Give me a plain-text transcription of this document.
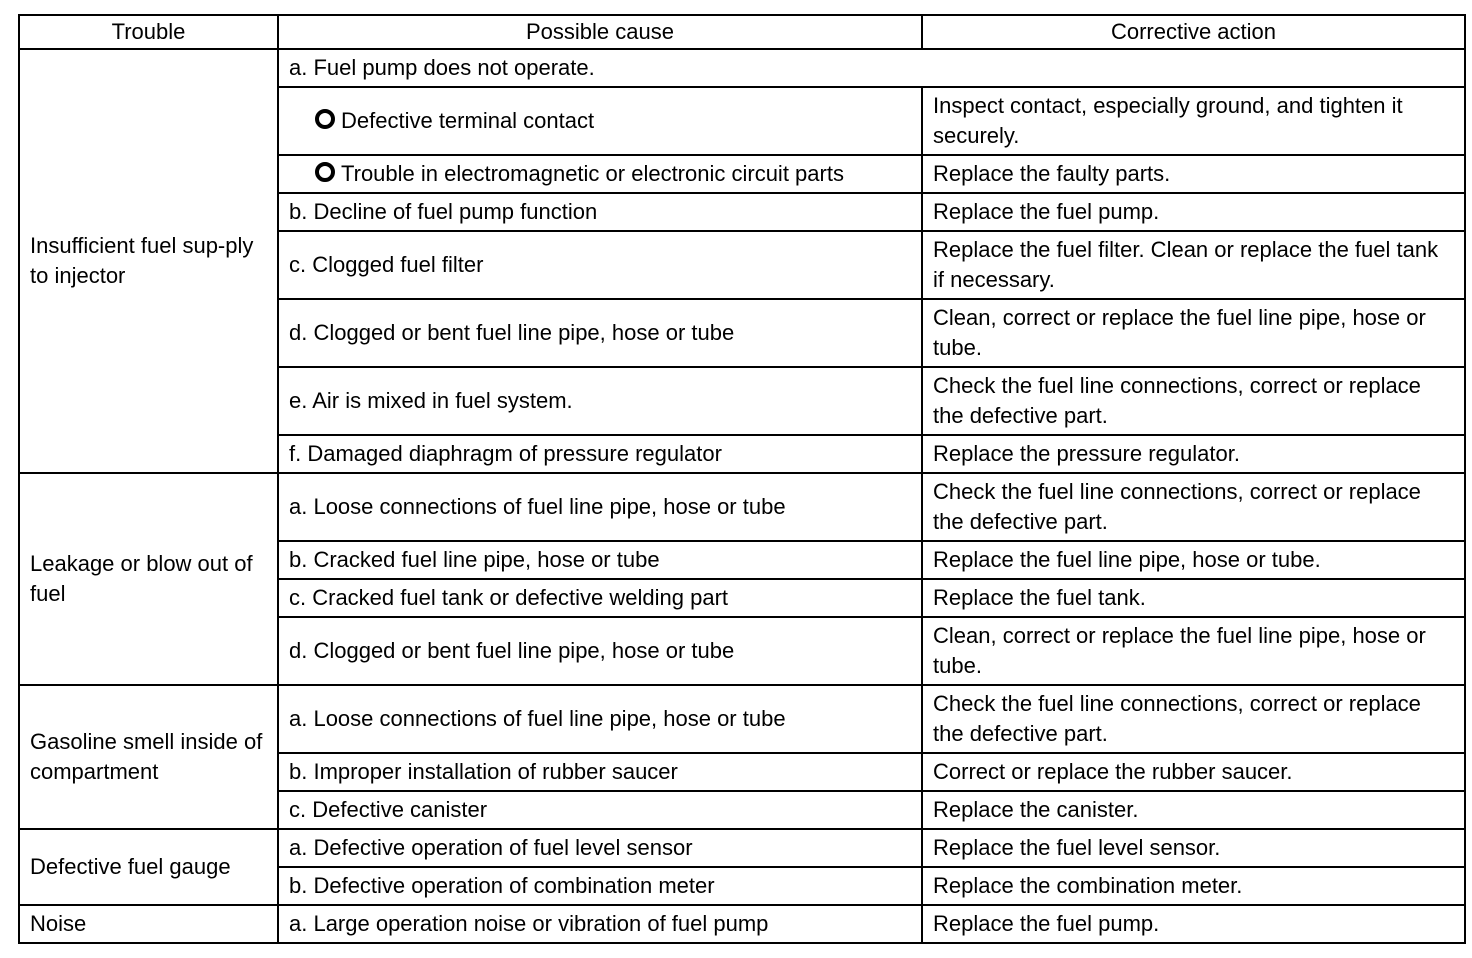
Trouble	Possible cause	Corrective action
Insufficient fuel sup-ply to injector	a. Fuel pump does not operate.	
	Defective terminal contact	Inspect contact, especially ground, and tighten it securely.
	Trouble in electromagnetic or electronic circuit parts	Replace the faulty parts.
	b. Decline of fuel pump function	Replace the fuel pump.
	c. Clogged fuel filter	Replace the fuel filter. Clean or replace the fuel tank if necessary.
	d. Clogged or bent fuel line pipe, hose or tube	Clean, correct or replace the fuel line pipe, hose or tube.
	e. Air is mixed in fuel system.	Check the fuel line connections, correct or replace the defective part.
	f. Damaged diaphragm of pressure regulator	Replace the pressure regulator.
Leakage or blow out of fuel	a. Loose connections of fuel line pipe, hose or tube	Check the fuel line connections, correct or replace the defective part.
	b. Cracked fuel line pipe, hose or tube	Replace the fuel line pipe, hose or tube.
	c. Cracked fuel tank or defective welding part	Replace the fuel tank.
	d. Clogged or bent fuel line pipe, hose or tube	Clean, correct or replace the fuel line pipe, hose or tube.
Gasoline smell inside of compartment	a. Loose connections of fuel line pipe, hose or tube	Check the fuel line connections, correct or replace the defective part.
	b. Improper installation of rubber saucer	Correct or replace the rubber saucer.
	c. Defective canister	Replace the canister.
Defective fuel gauge	a. Defective operation of fuel level sensor	Replace the fuel level sensor.
	b. Defective operation of combination meter	Replace the combination meter.
Noise	a. Large operation noise or vibration of fuel pump	Replace the fuel pump.
